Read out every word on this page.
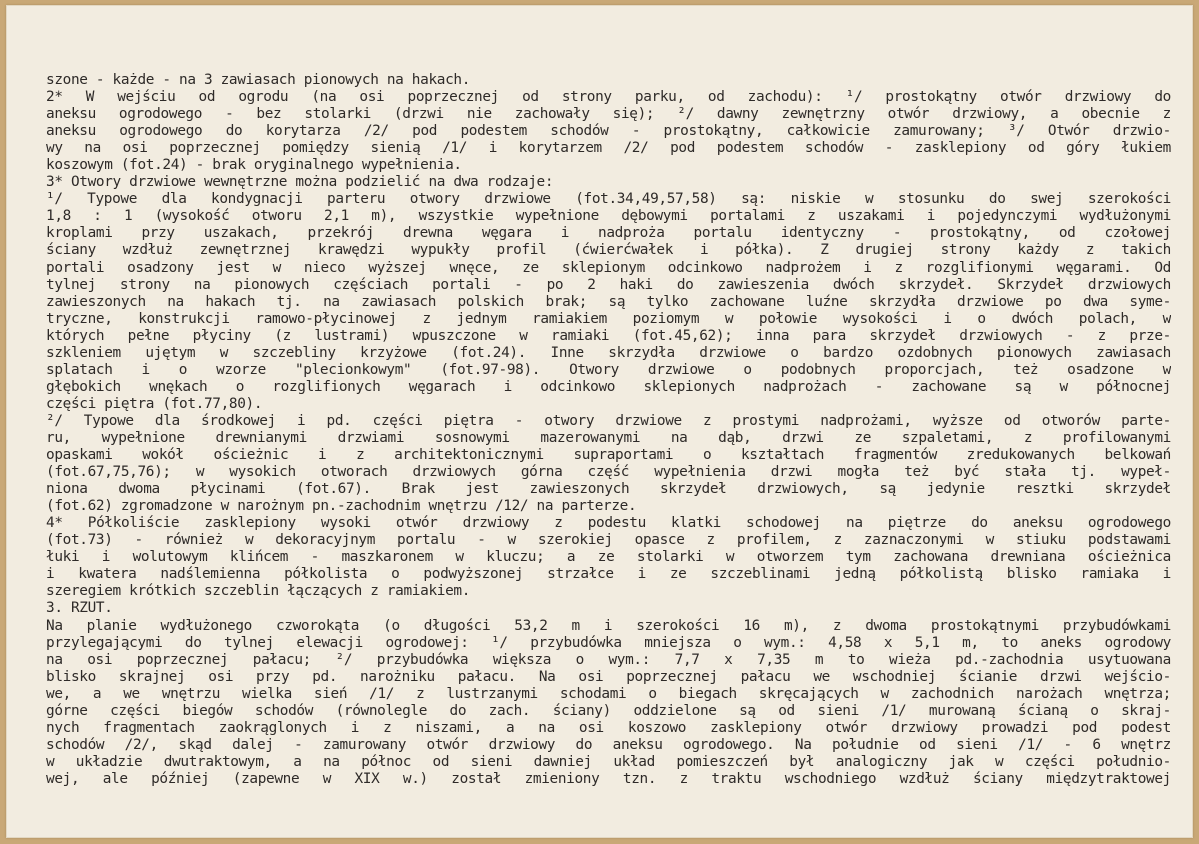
szone - każde - na 3 zawiasach pionowych na hakach.
2* W wejściu od ogrodu (na osi poprzecznej od strony parku, od zachodu): ¹/ prostokątny otwór drzwiowy do
aneksu ogrodowego - bez stolarki (drzwi nie zachowały się); ²/ dawny zewnętrzny otwór drzwiowy, a obecnie z
aneksu ogrodowego do korytarza /2/ pod podestem schodów - prostokątny, całkowicie zamurowany; ³/ Otwór drzwio-
wy na osi poprzecznej pomiędzy sienią /1/ i korytarzem /2/ pod podestem schodów - zasklepiony od góry łukiem
koszowym (fot.24) - brak oryginalnego wypełnienia.
3* Otwory drzwiowe wewnętrzne można podzielić na dwa rodzaje:
¹/ Typowe dla kondygnacji parteru otwory drzwiowe (fot.34,49,57,58) są: niskie w stosunku do swej szerokości
1,8 : 1 (wysokość otworu 2,1 m), wszystkie wypełnione dębowymi portalami z uszakami i pojedynczymi wydłużonymi
kroplami przy uszakach, przekrój drewna węgara i nadproża portalu identyczny - prostokątny, od czołowej
ściany wzdłuż zewnętrznej krawędzi wypukły profil (ćwierćwałek i półka). Z drugiej strony każdy z takich
portali osadzony jest w nieco wyższej wnęce, ze sklepionym odcinkowo nadprożem i z rozglifionymi węgarami. Od
tylnej strony na pionowych częściach portali - po 2 haki do zawieszenia dwóch skrzydeł. Skrzydeł drzwiowych
zawieszonych na hakach tj. na zawiasach polskich brak; są tylko zachowane luźne skrzydła drzwiowe po dwa syme-
tryczne, konstrukcji ramowo-płycinowej z jednym ramiakiem poziomym w połowie wysokości i o dwóch polach, w
których pełne płyciny (z lustrami) wpuszczone w ramiaki (fot.45,62); inna para skrzydeł drzwiowych - z prze-
szkleniem ujętym w szczebliny krzyżowe (fot.24). Inne skrzydła drzwiowe o bardzo ozdobnych pionowych zawiasach
splatach i o wzorze "plecionkowym" (fot.97-98). Otwory drzwiowe o podobnych proporcjach, też osadzone w
głębokich wnękach o rozglifionych węgarach i odcinkowo sklepionych nadprożach - zachowane są w północnej
części piętra (fot.77,80).
²/ Typowe dla środkowej i pd. części piętra - otwory drzwiowe z prostymi nadprożami, wyższe od otworów parte-
ru, wypełnione drewnianymi drzwiami sosnowymi mazerowanymi na dąb, drzwi ze szpaletami, z profilowanymi
opaskami wokół ościeżnic i z architektonicznymi supraportami o kształtach fragmentów zredukowanych belkowań
(fot.67,75,76); w wysokich otworach drzwiowych górna część wypełnienia drzwi mogła też być stała tj. wypeł-
niona dwoma płycinami (fot.67). Brak jest zawieszonych skrzydeł drzwiowych, są jedynie resztki skrzydeł
(fot.62) zgromadzone w narożnym pn.-zachodnim wnętrzu /12/ na parterze.
4* Półkoliście zasklepiony wysoki otwór drzwiowy z podestu klatki schodowej na piętrze do aneksu ogrodowego
(fot.73) - również w dekoracyjnym portalu - w szerokiej opasce z profilem, z zaznaczonymi w stiuku podstawami
łuki i wolutowym klińcem - maszkaronem w kluczu; a ze stolarki w otworzem tym zachowana drewniana ościeżnica
i kwatera nadślemienna półkolista o podwyższonej strzałce i ze szczeblinami jedną półkolistą blisko ramiaka i
szeregiem krótkich szczeblin łączących z ramiakiem.
3. RZUT.
Na planie wydłużonego czworokąta (o długości 53,2 m i szerokości 16 m), z dwoma prostokątnymi przybudówkami
przylegającymi do tylnej elewacji ogrodowej: ¹/ przybudówka mniejsza o wym.: 4,58 x 5,1 m, to aneks ogrodowy
na osi poprzecznej pałacu; ²/ przybudówka większa o wym.: 7,7 x 7,35 m to wieża pd.-zachodnia usytuowana
blisko skrajnej osi przy pd. narożniku pałacu. Na osi poprzecznej pałacu we wschodniej ścianie drzwi wejścio-
we, a we wnętrzu wielka sień /1/ z lustrzanymi schodami o biegach skręcających w zachodnich narożach wnętrza;
górne części biegów schodów (równolegle do zach. ściany) oddzielone są od sieni /1/ murowaną ścianą o skraj-
nych fragmentach zaokrąglonych i z niszami, a na osi koszowo zasklepiony otwór drzwiowy prowadzi pod podest
schodów /2/, skąd dalej - zamurowany otwór drzwiowy do aneksu ogrodowego. Na południe od sieni /1/ - 6 wnętrz
w układzie dwutraktowym, a na północ od sieni dawniej układ pomieszczeń był analogiczny jak w części południo-
wej, ale później (zapewne w XIX w.) został zmieniony tzn. z traktu wschodniego wzdłuż ściany międzytraktowej
